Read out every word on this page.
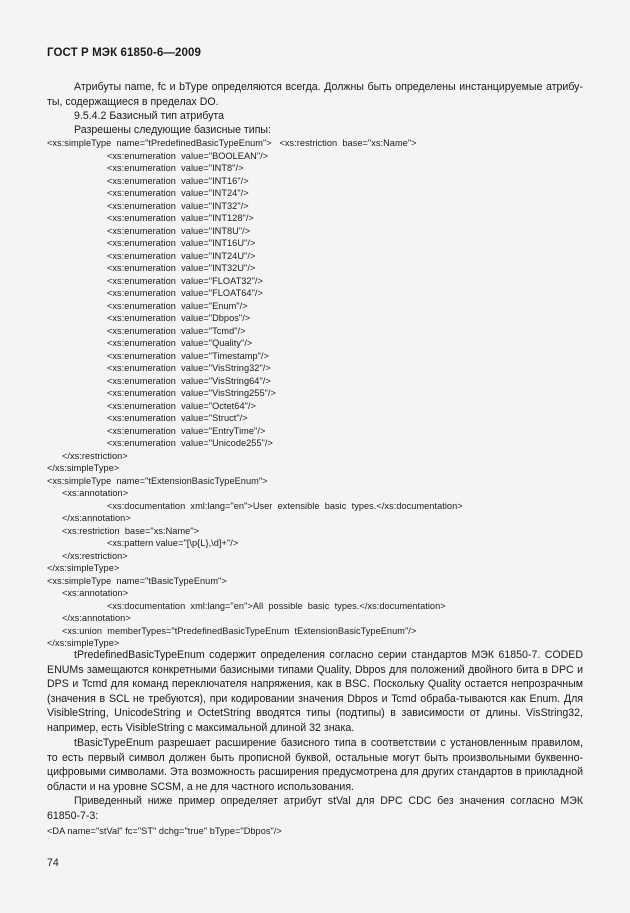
ГОСТ Р МЭК 61850-6—2009
Атрибуты name, fc и bType определяются всегда. Должны быть определены инстанцируемые атрибу-ты, содержащиеся в пределах DO.
9.5.4.2 Базисный тип атрибута
Разрешены следующие базисные типы:
<xs:simpleType  name="tPredefinedBasicTypeEnum">   <xs:restriction  base="xs:Name">
<xs:enumeration  value="BOOLEAN"/>
<xs:enumeration  value="INT8"/>
<xs:enumeration  value="INT16"/>
<xs:enumeration  value="INT24"/>
<xs:enumeration  value="INT32"/>
<xs:enumeration  value="INT128"/>
<xs:enumeration  value="INT8U"/>
<xs:enumeration  value="INT16U"/>
<xs:enumeration  value="INT24U"/>
<xs:enumeration  value="INT32U"/>
<xs:enumeration  value="FLOAT32"/>
<xs:enumeration  value="FLOAT64"/>
<xs:enumeration  value="Enum"/>
<xs:enumeration  value="Dbpos"/>
<xs:enumeration  value="Tcmd"/>
<xs:enumeration  value="Quality"/>
<xs:enumeration  value="Timestamp"/>
<xs:enumeration  value="VisString32"/>
<xs:enumeration  value="VisString64"/>
<xs:enumeration  value="VisString255"/>
<xs:enumeration  value="Octet64"/>
<xs:enumeration  value="Struct"/>
<xs:enumeration  value="EntryTime"/>
<xs:enumeration  value="Unicode255"/>
</xs:restriction>
</xs:simpleType>
<xs:simpleType  name="tExtensionBasicTypeEnum">
<xs:annotation>
<xs:documentation  xml:lang="en">User  extensible  basic  types.</xs:documentation>
</xs:annotation>
<xs:restriction  base="xs:Name">
<xs:pattern value="[\p{L},\d]+"/>
</xs:restriction>
</xs:simpleType>
<xs:simpleType  name="tBasicTypeEnum">
<xs:annotation>
<xs:documentation  xml:lang="en">All  possible  basic  types.</xs:documentation>
</xs:annotation>
<xs:union  memberTypes="tPredefinedBasicTypeEnum  tExtensionBasicTypeEnum"/>
</xs:simpleType>
tPredefinedBasicTypeEnum содержит определения согласно серии стандартов МЭК 61850-7. CODED ENUMs замещаются конкретными базисными типами Quality, Dbpos для положений двойного бита в DPC и DPS и Tcmd для команд переключателя напряжения, как в BSC. Поскольку Quality остается непрозрачным (значения в SCL не требуются), при кодировании значения Dbpos и Tcmd обраба-тываются как Enum. Для VisibleString, UnicodeString и OctetString вводятся типы (подтипы) в зависимости от длины. VisString32, например, есть VisibleString с максимальной длиной 32 знака.
tBasicTypeEnum разрешает расширение базисного типа в соответствии с установленным правилом, то есть первый символ должен быть прописной буквой, остальные могут быть произвольными буквенно-цифровыми символами. Эта возможность расширения предусмотрена для других стандартов в прикладной области и на уровне SCSM, а не для частного использования.
Приведенный ниже пример определяет атрибут stVal для DPC CDC без значения согласно МЭК 61850-7-3:
<DA name="stVal" fc="ST" dchg="true" bType="Dbpos"/>
74
